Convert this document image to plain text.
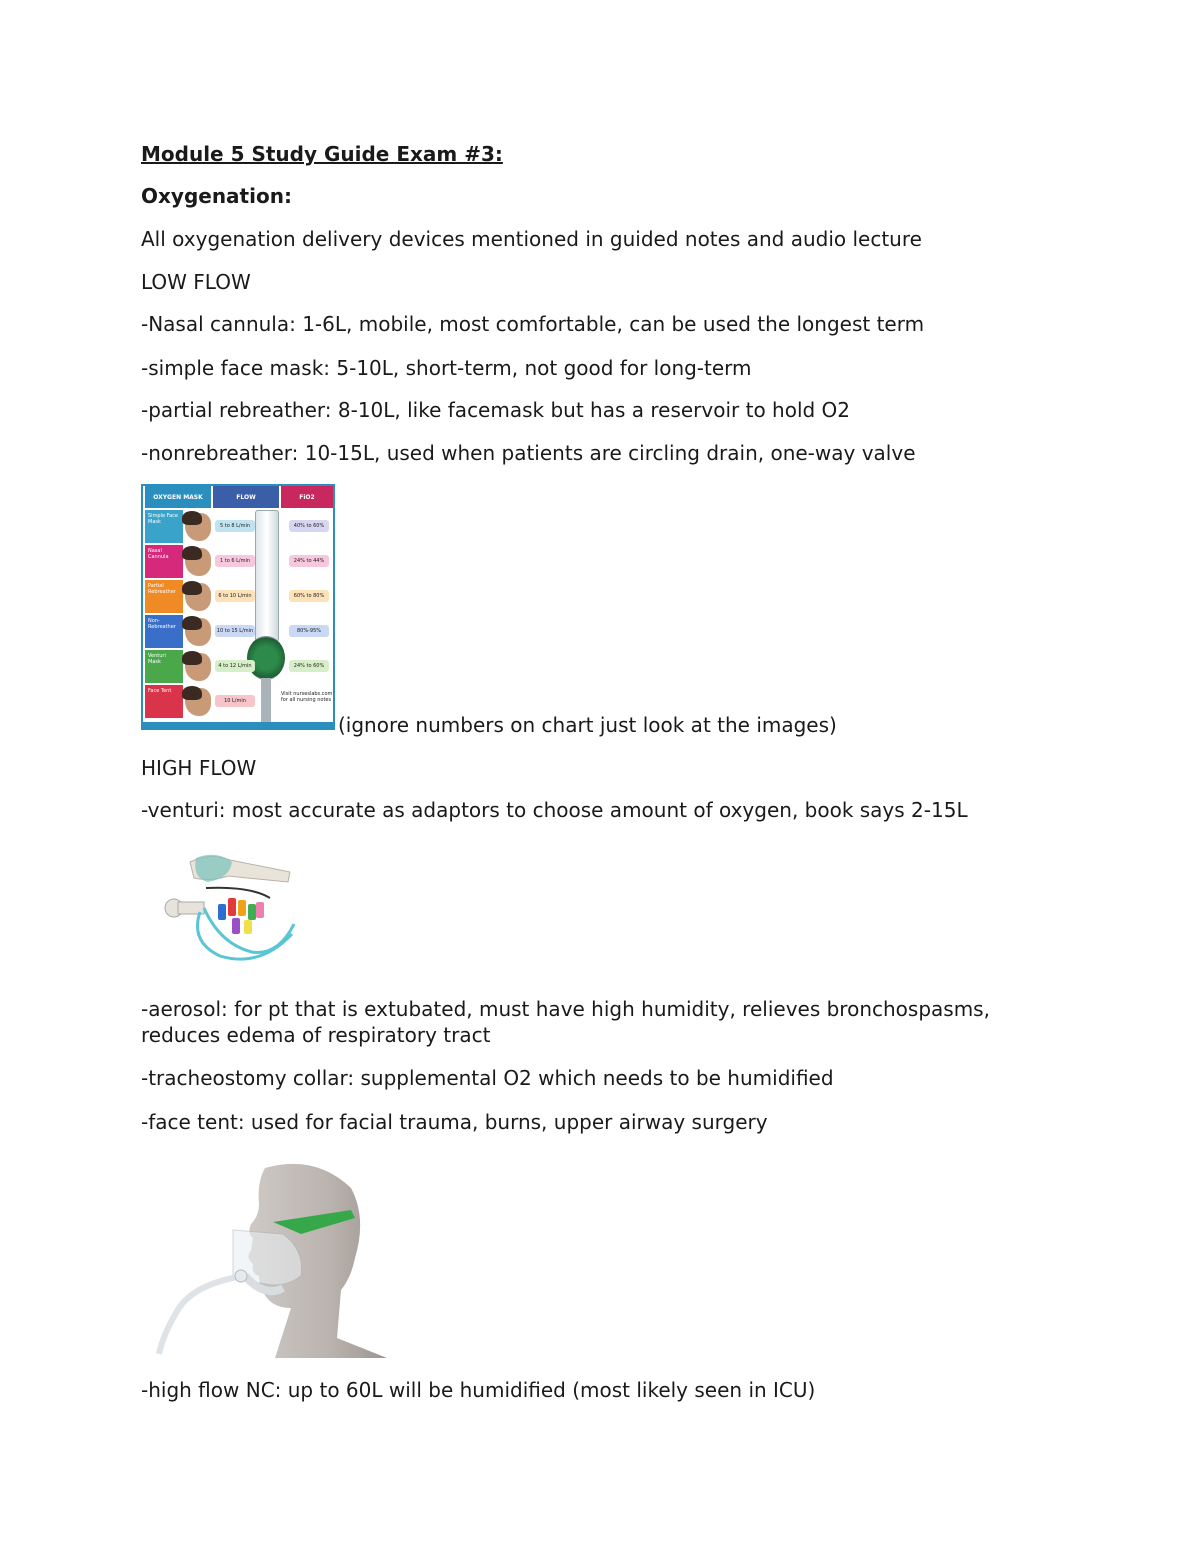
Module 5 Study Guide Exam #3:
Oxygenation:
All oxygenation delivery devices mentioned in guided notes and audio lecture
LOW FLOW
-Nasal cannula: 1-6L, mobile, most comfortable, can be used the longest term
-simple face mask: 5-10L, short-term, not good for long-term
-partial rebreather: 8-10L, like facemask but has a reservoir to hold O2
-nonrebreather: 10-15L, used when patients are circling drain, one-way valve
OXYGEN MASK	FLOW	FiO2
Simple Face Mask
5 to 8 L/min	40% to 60%
Nasal Cannula
1 to 6 L/min	24% to 44%
Partial Rebreather
6 to 10 L/min	60% to 80%
Non-Rebreather
10 to 15 L/min	80%-95%
Venturi Mask
4 to 12 L/min	24% to 60%
Face Tent
10 L/min
Visit nurseslabs.com for all nursing notes
(ignore numbers on chart just look at the images)
HIGH FLOW
-venturi: most accurate as adaptors to choose amount of oxygen, book says 2-15L
-aerosol: for pt that is extubated, must have high humidity, relieves bronchospasms, reduces edema of respiratory tract
-tracheostomy collar: supplemental O2 which needs to be humidified
-face tent: used for facial trauma, burns, upper airway surgery
-high flow NC: up to 60L will be humidified (most likely seen in ICU)
